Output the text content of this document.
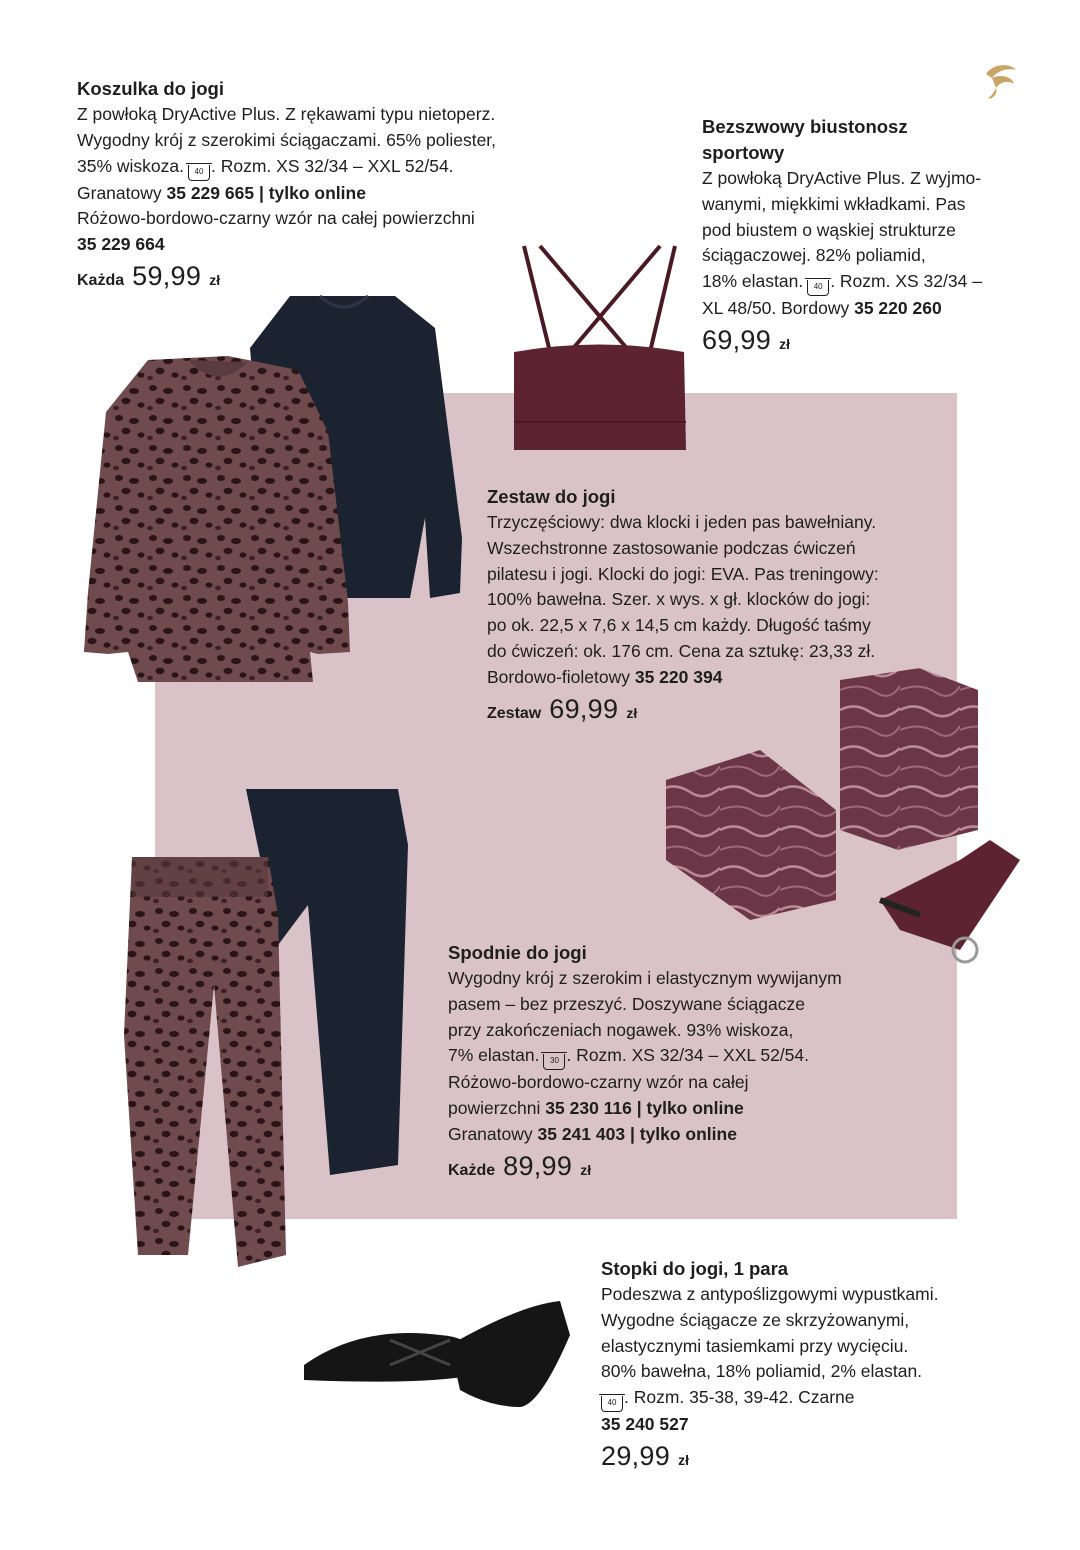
Koszulka do jogi
Z powłoką DryActive Plus. Z rękawami typu nietoperz.
Wygodny krój z szerokimi ściągaczami. 65% poliester,
35% wiskoza. 40 . Rozm. XS 32/34 – XXL 52/54.
Granatowy 35 229 665 | tylko online
Różowo-bordowo-czarny wzór na całej powierzchni
35 229 664
Każda 59,99 zł
Bezszwowy biustonosz
sportowy
Z powłoką DryActive Plus. Z wyjmo-
wanymi, miękkimi wkładkami. Pas
pod biustem o wąskiej strukturze
ściągaczowej. 82% poliamid,
18% elastan. 40 . Rozm. XS 32/34 –
XL 48/50. Bordowy 35 220 260
69,99 zł
Zestaw do jogi
Trzyczęściowy: dwa klocki i jeden pas bawełniany.
Wszechstronne zastosowanie podczas ćwiczeń
pilatesu i jogi. Klocki do jogi: EVA. Pas treningowy:
100% bawełna. Szer. x wys. x gł. klocków do jogi:
po ok. 22,5 x 7,6 x 14,5 cm każdy. Długość taśmy
do ćwiczeń: ok. 176 cm. Cena za sztukę: 23,33 zł.
Bordowo-fioletowy 35 220 394
Zestaw 69,99 zł
Spodnie do jogi
Wygodny krój z szerokim i elastycznym wywijanym
pasem – bez przeszyć. Doszywane ściągacze
przy zakończeniach nogawek. 93% wiskoza,
7% elastan. 30 . Rozm. XS 32/34 – XXL 52/54.
Różowo-bordowo-czarny wzór na całej
powierzchni 35 230 116 | tylko online
Granatowy 35 241 403 | tylko online
Każde 89,99 zł
Stopki do jogi, 1 para
Podeszwa z antypoślizgowymi wypustkami.
Wygodne ściągacze ze skrzyżowanymi,
elastycznymi tasiemkami przy wycięciu.
80% bawełna, 18% poliamid, 2% elastan.
40 . Rozm. 35-38, 39-42. Czarne
35 240 527
29,99 zł
